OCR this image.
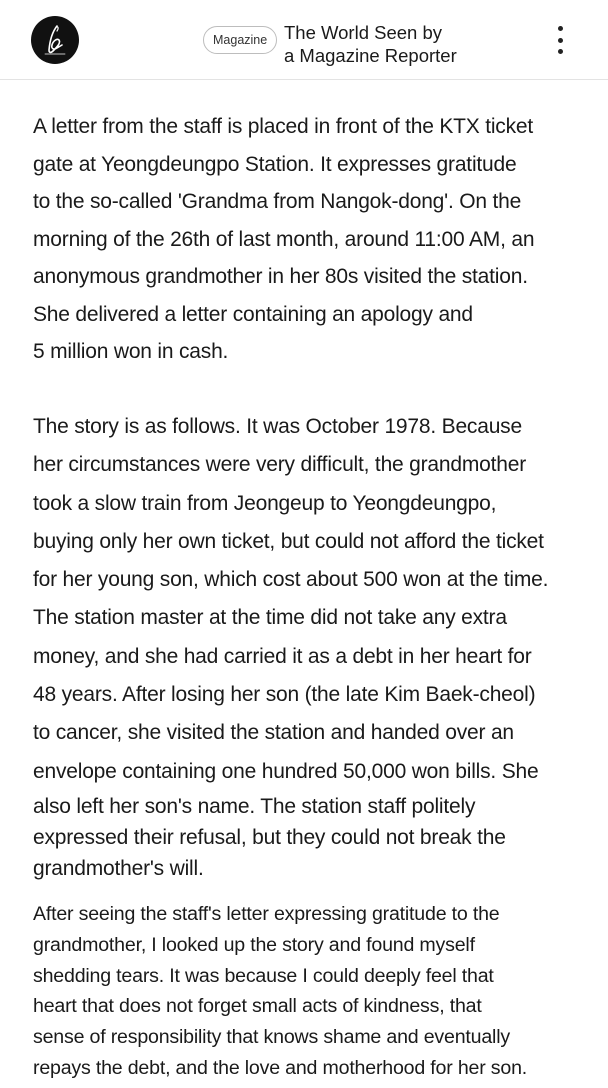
Magazine The World Seen by
a Magazine Reporter
A letter from the staff is placed in front of the KTX ticket
gate at Yeongdeungpo Station. It expresses gratitude
to the so-called 'Grandma from Nangok-dong'. On the
morning of the 26th of last month, around 11:00 AM, an
anonymous grandmother in her 80s visited the station.
She delivered a letter containing an apology and
5 million won in cash.
The story is as follows. It was October 1978. Because
her circumstances were very difficult, the grandmother
took a slow train from Jeongeup to Yeongdeungpo,
buying only her own ticket, but could not afford the ticket
for her young son, which cost about 500 won at the time.
The station master at the time did not take any extra
money, and she had carried it as a debt in her heart for
48 years. After losing her son (the late Kim Baek-cheol)
to cancer, she visited the station and handed over an
envelope containing one hundred 50,000 won bills. She
also left her son's name. The station staff politely
expressed their refusal, but they could not break the
grandmother's will.
After seeing the staff's letter expressing gratitude to the
grandmother, I looked up the story and found myself
shedding tears. It was because I could deeply feel that
heart that does not forget small acts of kindness, that
sense of responsibility that knows shame and eventually
repays the debt, and the love and motherhood for her son.
